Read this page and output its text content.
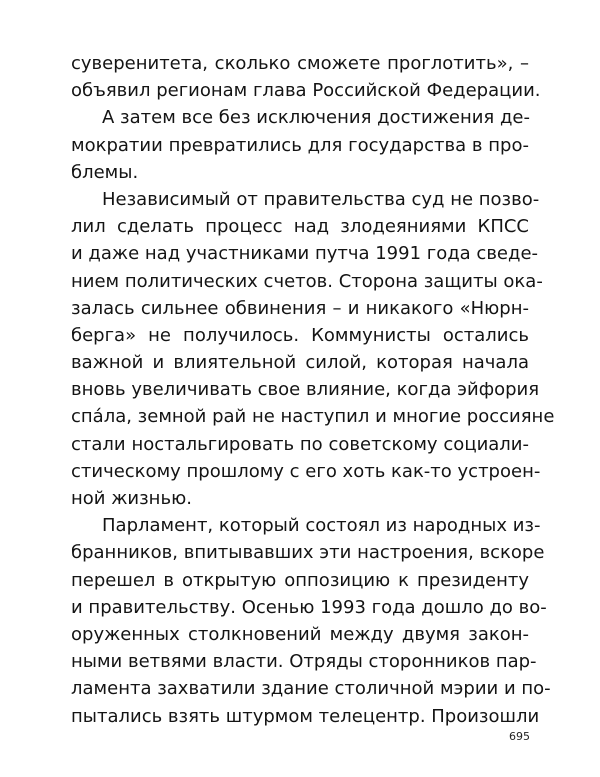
суверенитета, сколько сможете проглотить», –
объявил регионам глава Российской Федерации.
А затем все без исключения достижения де-
мократии превратились для государства в про-
блемы.
Независимый от правительства суд не позво-
лил сделать процесс над злодеяниями КПСС
и даже над участниками путча 1991 года сведе-
нием политических счетов. Сторона защиты ока-
залась сильнее обвинения – и никакого «Нюрн-
берга» не получилось. Коммунисты остались
важной и влиятельной силой, которая начала
вновь увеличивать свое влияние, когда эйфория
спа́ла, земной рай не наступил и многие россияне
стали ностальгировать по советскому социали-
стическому прошлому с его хоть как-то устроен-
ной жизнью.
Парламент, который состоял из народных из-
бранников, впитывавших эти настроения, вскоре
перешел в открытую оппозицию к президенту
и правительству. Осенью 1993 года дошло до во-
оруженных столкновений между двумя закон-
ными ветвями власти. Отряды сторонников пар-
ламента захватили здание столичной мэрии и по-
пытались взять штурмом телецентр. Произошли
695
